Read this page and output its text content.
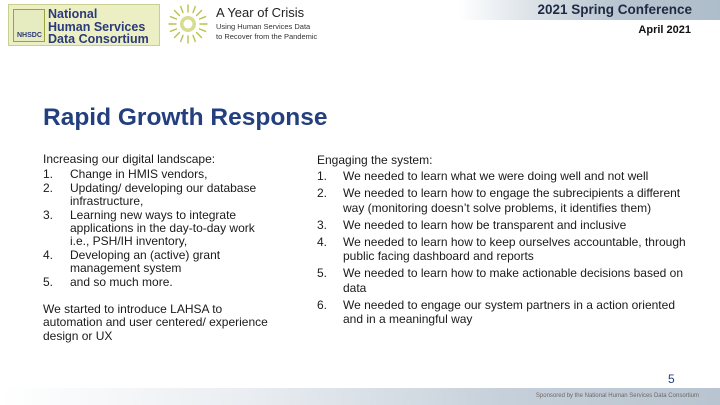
NHSDC
National
Human Services
Data Consortium
A Year of Crisis
Using Human Services Data
to Recover from the Pandemic
2021 Spring Conference
April 2021
Rapid Growth Response
Increasing our digital landscape:
1.	Change in HMIS vendors,
2.	Updating/ developing our database infrastructure,
3.	Learning new ways to integrate applications in the day-to-day work i.e., PSH/IH inventory,
4.	Developing an (active) grant management system
5.	and so much more.
We started to introduce LAHSA to automation and user centered/ experience design or UX
Engaging the system:
1.	We needed to learn what we were doing well and not well
2.	We needed to learn how to engage the subrecipients a different way (monitoring doesn’t solve problems, it identifies them)
3.	We needed to learn how be transparent and inclusive
4.	We needed to learn how to keep ourselves accountable, through public facing dashboard and reports
5.	We needed to learn how to make actionable decisions based on data
6.	We needed to engage our system partners in a action oriented and in a meaningful way
5
Sponsored by the National Human Services Data Consortium
